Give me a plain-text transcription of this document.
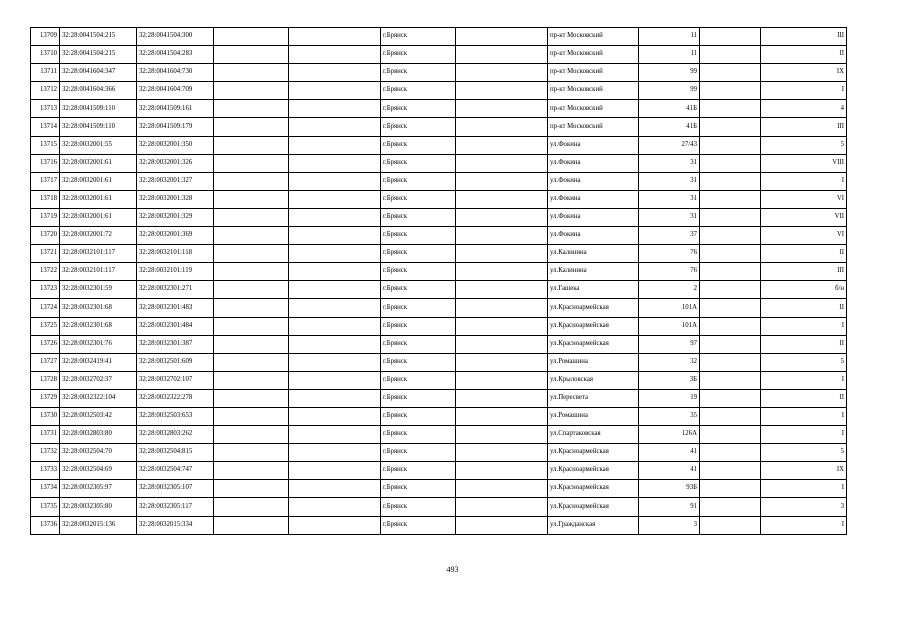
13709	32:28:0041504:215	32:28:0041504:300			г.Брянск		пр-кт Московский	11		III
13710	32:28:0041504:215	32:28:0041504:283			г.Брянск		пр-кт Московский	11		II
13711	32:28:0041604:347	32:28:0041604:730			г.Брянск		пр-кт Московский	99		IX
13712	32:28:0041604:366	32:28:0041604:709			г.Брянск		пр-кт Московский	99		I
13713	32:28:0041509:110	32:28:0041509:161			г.Брянск		пр-кт Московский	41Б		4
13714	32:28:0041509:110	32:28:0041509:179			г.Брянск		пр-кт Московский	41Б		III
13715	32:28:0032001:55	32:28:0032001:350			г.Брянск		ул.Фокина	27/43		5
13716	32:28:0032001:61	32:28:0032001:326			г.Брянск		ул.Фокина	31		VIII
13717	32:28:0032001:61	32:28:0032001:327			г.Брянск		ул.Фокина	31		I
13718	32:28:0032001:61	32:28:0032001:328			г.Брянск		ул.Фокина	31		VI
13719	32:28:0032001:61	32:28:0032001:329			г.Брянск		ул.Фокина	31		VII
13720	32:28:0032001:72	32:28:0032001:369			г.Брянск		ул.Фокина	37		VI
13721	32:28:0032101:117	32:28:0032101:118			г.Брянск		ул.Калинина	76		II
13722	32:28:0032101:117	32:28:0032101:119			г.Брянск		ул.Калинина	76		III
13723	32:28:0032301:59	32:28:0032301:271			г.Брянск		ул.Гашека	2		б/н
13724	32:28:0032301:68	32:28:0032301:483			г.Брянск		ул.Красноармейская	101А		II
13725	32:28:0032301:68	32:28:0032301:484			г.Брянск		ул.Красноармейская	101А		I
13726	32:28:0032301:76	32:28:0032301:387			г.Брянск		ул.Красноармейская	97		II
13727	32:28:0032419:41	32:28:0032501:609			г.Брянск		ул.Ромашина	32		5
13728	32:28:0032702:37	32:28:0032702:107			г.Брянск		ул.Крыловская	3Б		I
13729	32:28:0032322:104	32:28:0032322:278			г.Брянск		ул.Пересвета	19		II
13730	32:28:0032503:42	32:28:0032503:653			г.Брянск		ул.Ромашина	35		I
13731	32:28:0032803:80	32:28:0032803:262			г.Брянск		ул.Спартаковская	126А		I
13732	32:28:0032504:70	32:28:0032504:815			г.Брянск		ул.Красноармейская	41		5
13733	32:28:0032504:69	32:28:0032504:747			г.Брянск		ул.Красноармейская	41		IX
13734	32:28:0032305:97	32:28:0032305:107			г.Брянск		ул.Красноармейская	93Б		I
13735	32:28:0032305:80	32:28:0032305:117			г.Брянск		ул.Красноармейская	91		3
13736	32:28:0032015:136	32:28:0032015:334			г.Брянск		ул.Гражданская	3		I
493
